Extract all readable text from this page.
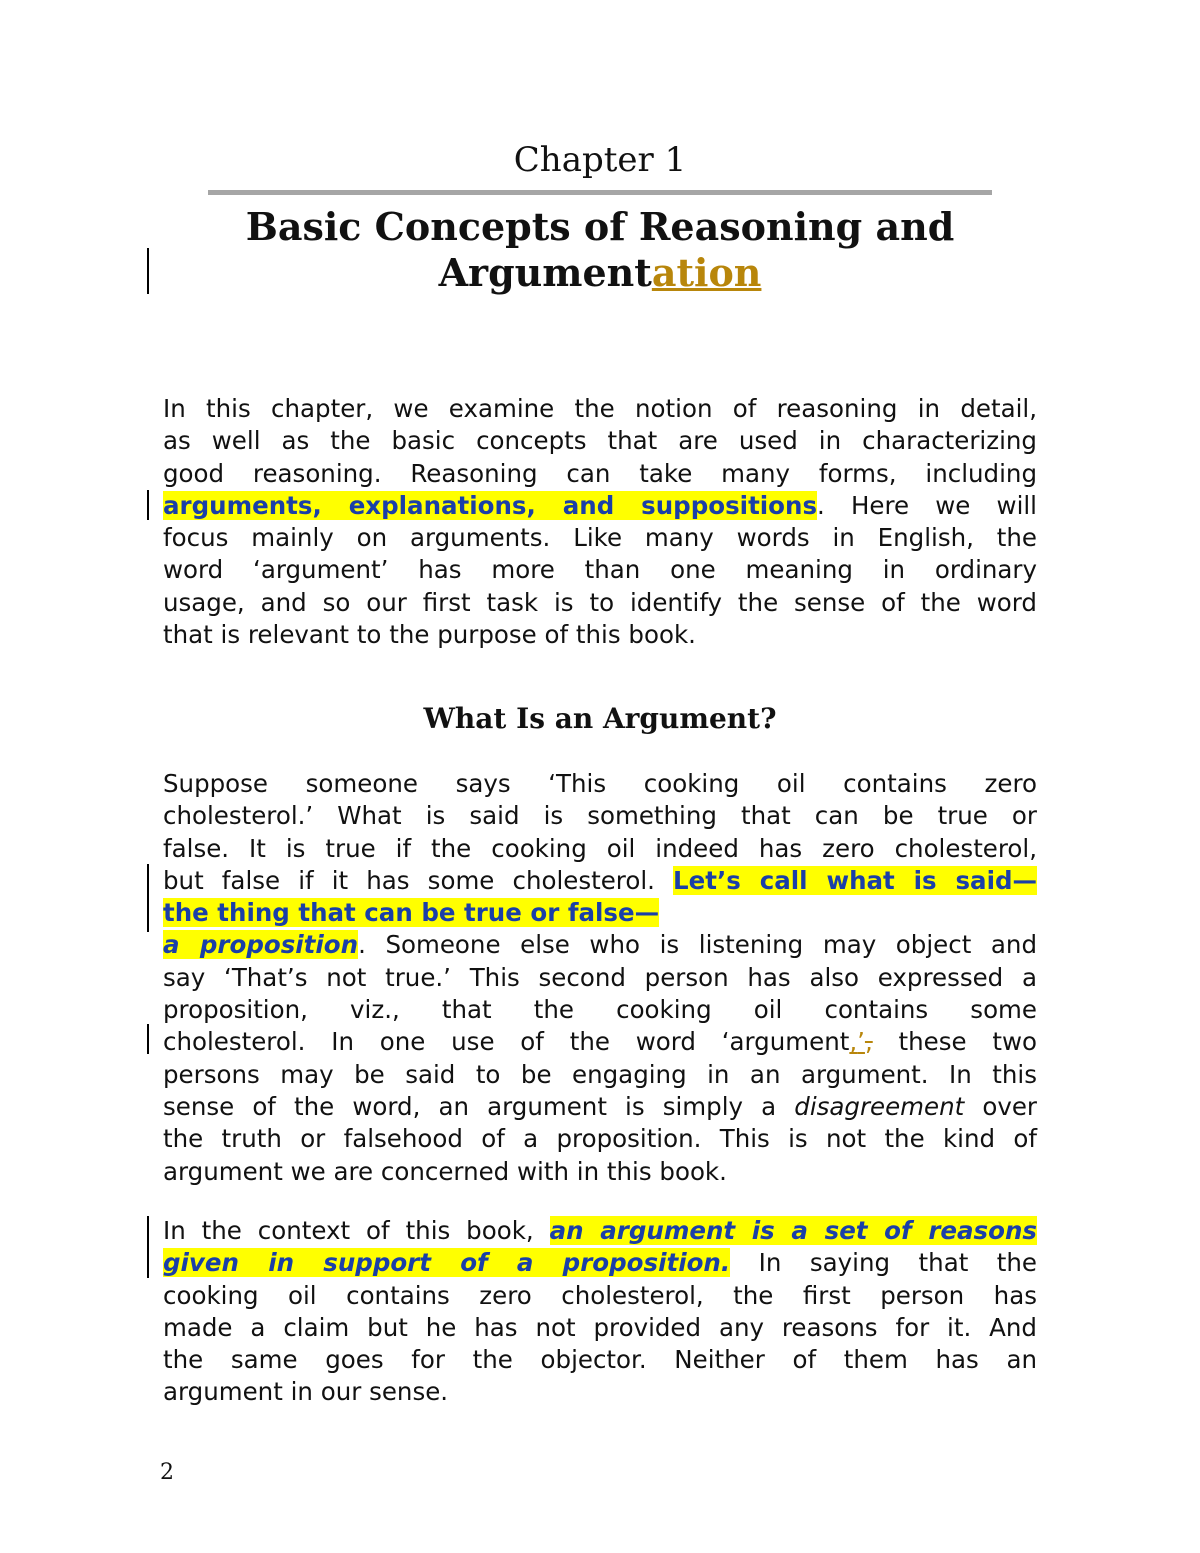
Chapter 1
Basic Concepts of Reasoning and
Argumentation
In this chapter, we examine the notion of reasoning in detail,
as well as the basic concepts that are used in characterizing
good reasoning. Reasoning can take many forms, including
arguments, explanations, and suppositions. Here we will
focus mainly on arguments. Like many words in English, the
word ‘argument’ has more than one meaning in ordinary
usage, and so our first task is to identify the sense of the word
that is relevant to the purpose of this book.
What Is an Argument?
Suppose someone says ‘This cooking oil contains zero
cholesterol.’ What is said is something that can be true or
false. It is true if the cooking oil indeed has zero cholesterol,
but false if it has some cholesterol. Let’s call what is said—
the thing that can be true or false—
a proposition. Someone else who is listening may object and
say ‘That’s not true.’ This second person has also expressed a
proposition, viz., that the cooking oil contains some
cholesterol. In one use of the word ‘argument,’, these two
persons may be said to be engaging in an argument. In this
sense of the word, an argument is simply a disagreement over
the truth or falsehood of a proposition. This is not the kind of
argument we are concerned with in this book.
In the context of this book, an argument is a set of reasons
given in support of a proposition. In saying that the
cooking oil contains zero cholesterol, the first person has
made a claim but he has not provided any reasons for it. And
the same goes for the objector. Neither of them has an
argument in our sense.
2
